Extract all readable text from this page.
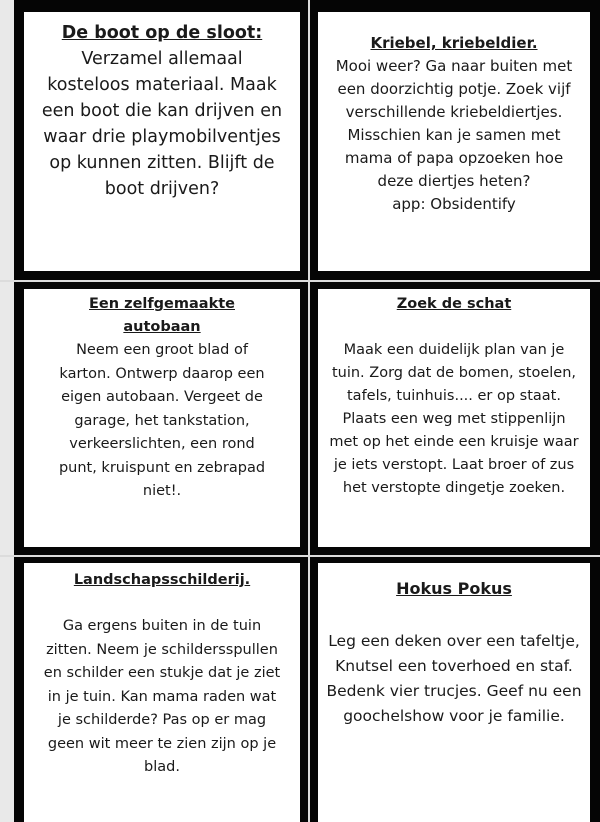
De boot op de sloot:
Verzamel allemaal
kosteloos materiaal. Maak
een boot die kan drijven en
waar drie playmobilventjes
op kunnen zitten. Blijft de
boot drijven?
Kriebel, kriebeldier.
Mooi weer? Ga naar buiten met
een doorzichtig potje. Zoek vijf
verschillende kriebeldiertjes.
Misschien kan je samen met
mama of papa opzoeken hoe
deze diertjes heten?
app: Obsidentify
Een zelfgemaakte autobaan
Neem een groot blad of
karton. Ontwerp daarop een
eigen autobaan. Vergeet de
garage, het tankstation,
verkeerslichten, een rond
punt, kruispunt en zebrapad
niet!.
Zoek de schat
Maak een duidelijk plan van je
tuin. Zorg dat de bomen, stoelen,
tafels, tuinhuis.... er op staat.
Plaats een weg met stippenlijn
met op het einde een kruisje waar
je iets verstopt. Laat broer of zus
het verstopte dingetje zoeken.
Landschapsschilderij.
Ga ergens buiten in de tuin
zitten. Neem je schildersspullen
en schilder een stukje dat je ziet
in je tuin. Kan mama raden wat
je schilderde? Pas op er mag
geen wit meer te zien zijn op je
blad.
Hokus Pokus
Leg een deken over een tafeltje,
Knutsel een toverhoed en staf.
Bedenk vier trucjes. Geef nu een
goochelshow voor je familie.
